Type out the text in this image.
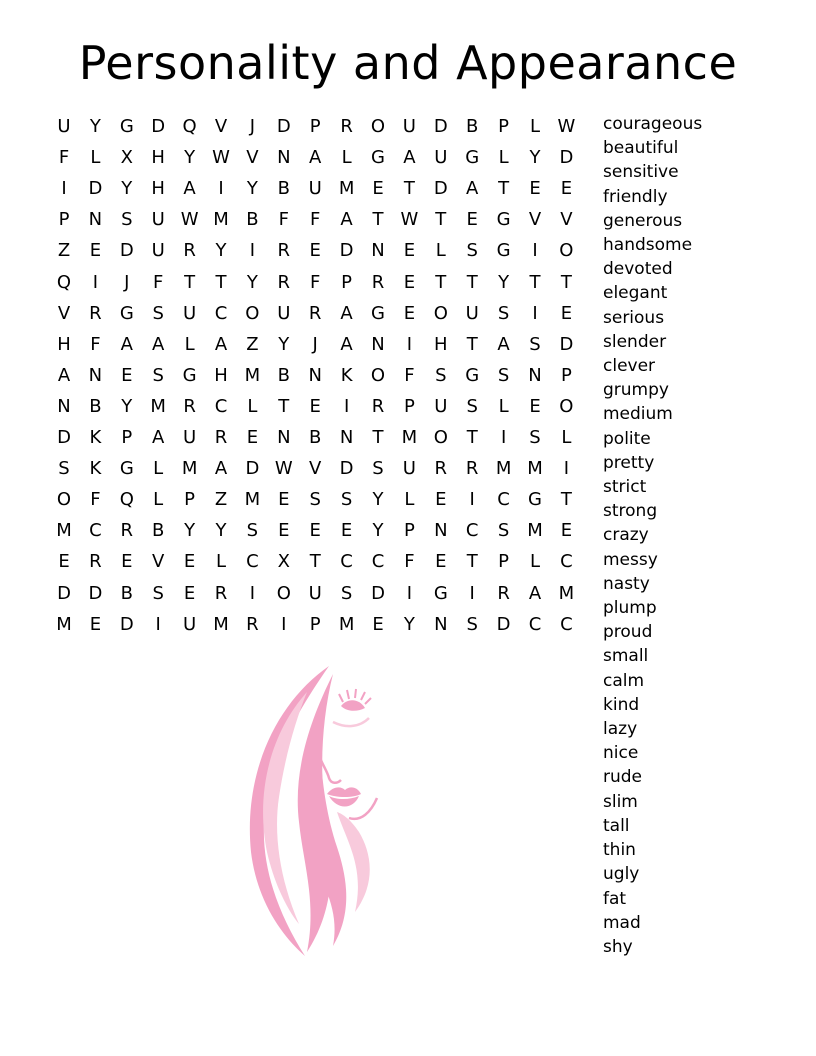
Personality and Appearance
U	Y	G D Q	V	J	D	P	R	O U D	B	P	L W
F	L	X	H	Y W V	N	A	L	G	A	U G	L	Y	D
I	D	Y	H	A	I	Y	B	U M E	T	D	A	T	E	E
P	N	S	U W M B	F	F	A	T W T	E	G	V	V
Z	E	D U	R	Y	I	R	E	D N	E	L	S	G	I	O
Q	I	J	F	T	T	Y	R	F	P	R	E	T	T	Y	T	T
V	R	G	S	U	C	O U	R	A	G	E	O U	S	I	E
H	F	A	A	L	A	Z	Y	J	A	N	I	H	T	A	S	D
A	N	E	S	G H M B	N	K	O	F	S	G	S	N	P
N	B	Y	M R	C	L	T	E	I	R	P	U	S	L	E	O
D	K	P	A	U	R	E	N	B	N	T	M O	T	I	S	L
S	K	G	L	M A	D W V	D	S	U	R	R M M	I
O	F	Q	L	P	Z M E	S	S	Y	L	E	I	C	G	T
M C	R	B	Y	Y	S	E	E	E	Y	P	N	C	S M E
E	R	E	V	E	L	C	X	T	C	C	F	E	T	P	L	C
D D	B	S	E	R	I	O U	S	D	I	G	I	R	A M
M E	D	I	U M R	I	P	M E	Y	N	S	D	C	C
courageous
beautiful
sensitive
friendly
generous
handsome
devoted
elegant
serious
slender
clever
grumpy
medium
polite
pretty
strict
strong
crazy
messy
nasty
plump
proud
small
calm
kind
lazy
nice
rude
slim
tall
thin
ugly
fat
mad
shy
